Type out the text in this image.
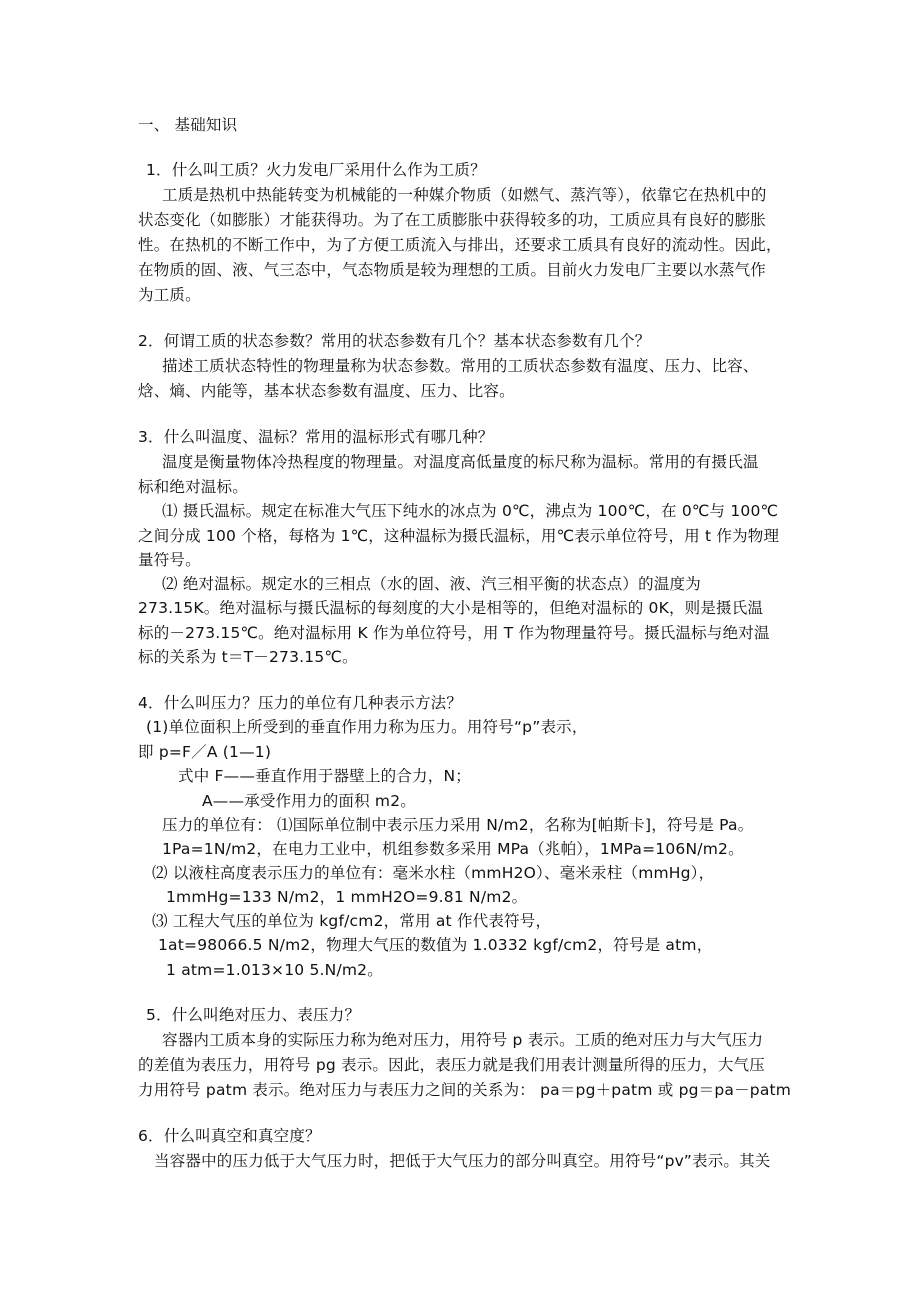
一、 基础知识
1．什么叫工质？火力发电厂采用什么作为工质？
工质是热机中热能转变为机械能的一种媒介物质（如燃气、蒸汽等），依靠它在热机中的
状态变化（如膨胀）才能获得功。为了在工质膨胀中获得较多的功，工质应具有良好的膨胀
性。在热机的不断工作中，为了方便工质流入与排出，还要求工质具有良好的流动性。因此，
在物质的固、液、气三态中，气态物质是较为理想的工质。目前火力发电厂主要以水蒸气作
为工质。
2．何谓工质的状态参数？常用的状态参数有几个？基本状态参数有几个？
描述工质状态特性的物理量称为状态参数。常用的工质状态参数有温度、压力、比容、
焓、熵、内能等，基本状态参数有温度、压力、比容。
3．什么叫温度、温标？常用的温标形式有哪几种？
温度是衡量物体冷热程度的物理量。对温度高低量度的标尺称为温标。常用的有摄氏温
标和绝对温标。
⑴ 摄氏温标。规定在标准大气压下纯水的冰点为 0℃，沸点为 100℃，在 0℃与 100℃
之间分成 100 个格，每格为 1℃，这种温标为摄氏温标，用℃表示单位符号，用 t 作为物理
量符号。
⑵ 绝对温标。规定水的三相点（水的固、液、汽三相平衡的状态点）的温度为
273.15K。绝对温标与摄氏温标的每刻度的大小是相等的，但绝对温标的 0K，则是摄氏温
标的－273.15℃。绝对温标用 K 作为单位符号，用 T 作为物理量符号。摄氏温标与绝对温
标的关系为 t＝T－273.15℃。
4．什么叫压力？压力的单位有几种表示方法？
(1)单位面积上所受到的垂直作用力称为压力。用符号“p”表示，
即 p=F／A (1—1)
式中 F——垂直作用于器壁上的合力，N；
A——承受作用力的面积 m2。
压力的单位有： ⑴国际单位制中表示压力采用 N/m2，名称为[帕斯卡]，符号是 Pa。
1Pa=1N/m2，在电力工业中，机组参数多采用 MPa（兆帕），1MPa=106N/m2。
⑵ 以液柱高度表示压力的单位有：毫米水柱（mmH2O）、毫米汞柱（mmHg），
1mmHg=133 N/m2，1 mmH2O=9.81 N/m2。
⑶ 工程大气压的单位为 kgf/cm2，常用 at 作代表符号，
1at=98066.5 N/m2，物理大气压的数值为 1.0332 kgf/cm2，符号是 atm，
1 atm=1.013×10 5.N/m2。
5．什么叫绝对压力、表压力？
容器内工质本身的实际压力称为绝对压力，用符号 p 表示。工质的绝对压力与大气压力
的差值为表压力，用符号 pg 表示。因此，表压力就是我们用表计测量所得的压力，大气压
力用符号 patm 表示。绝对压力与表压力之间的关系为： pa＝pg＋patm 或 pg＝pa－patm
6．什么叫真空和真空度？
当容器中的压力低于大气压力时，把低于大气压力的部分叫真空。用符号“pv”表示。其关
